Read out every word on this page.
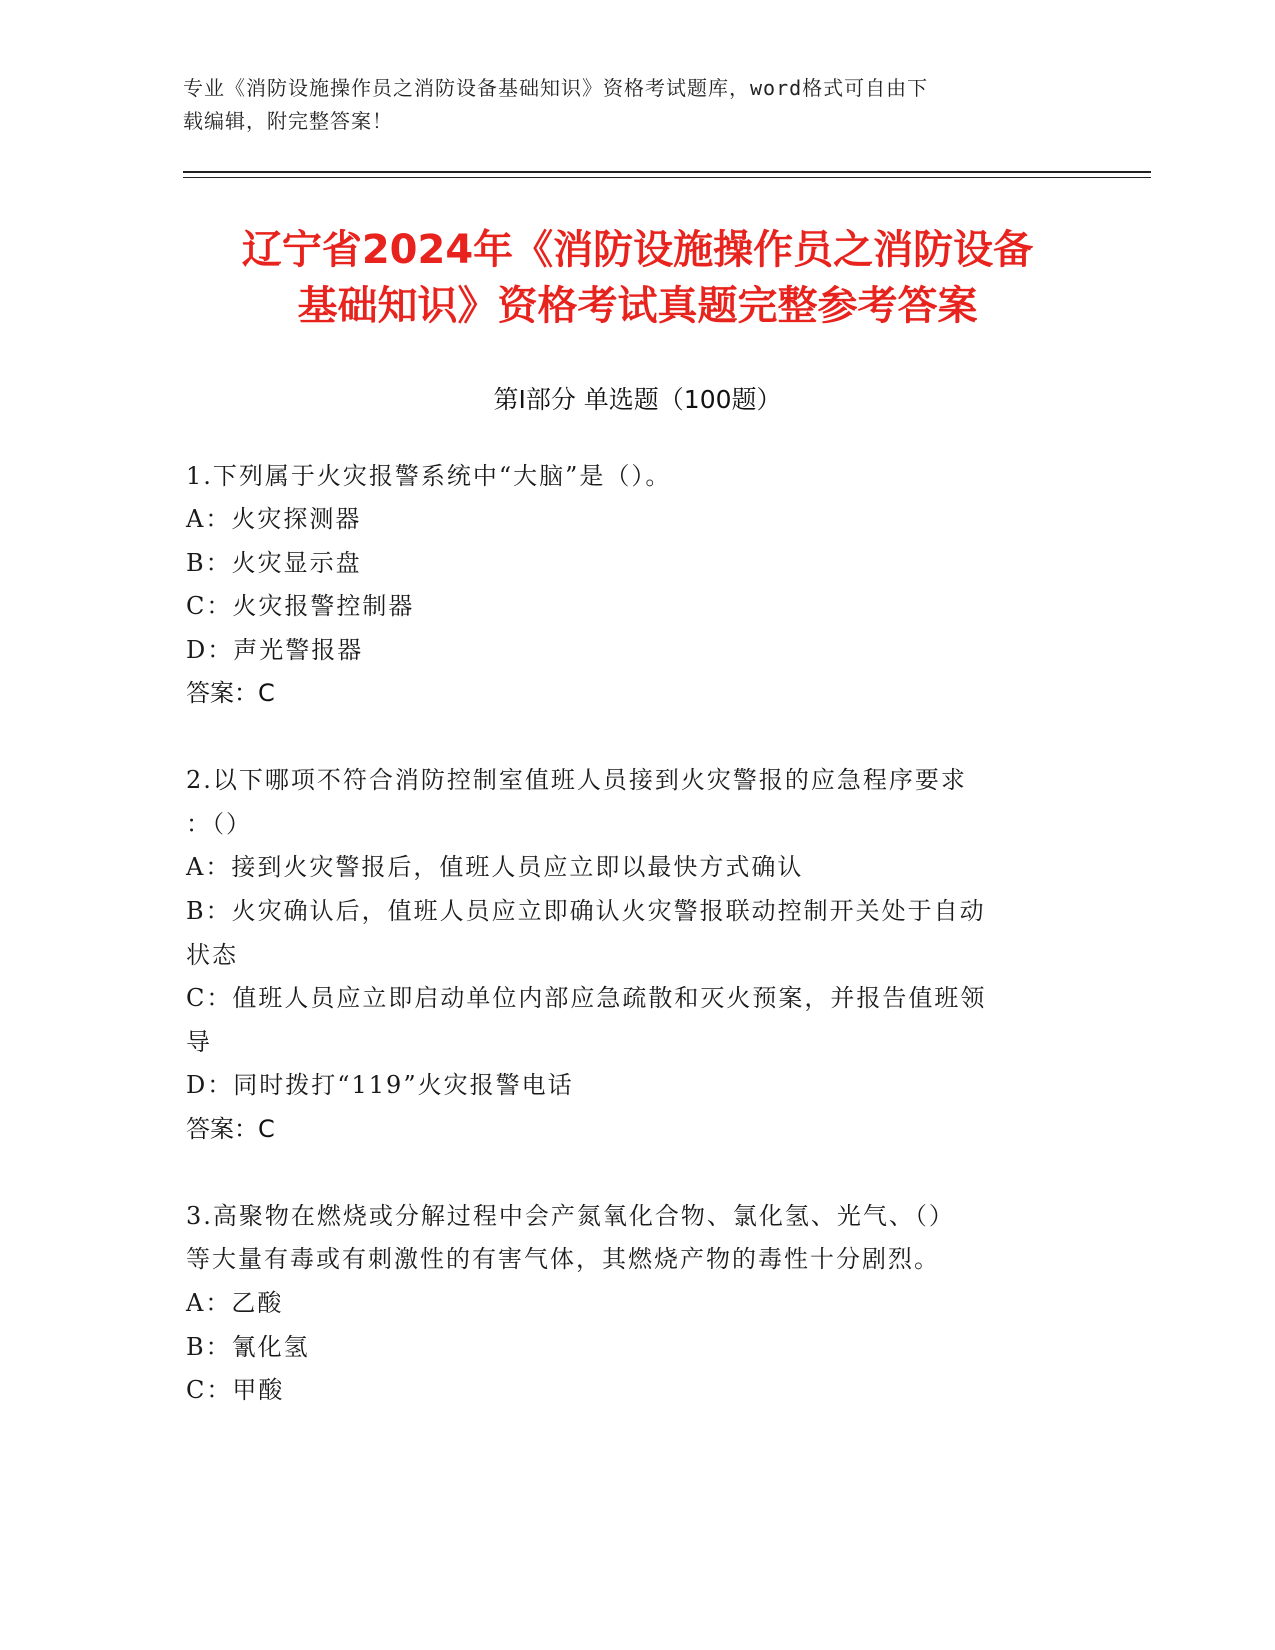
专业《消防设施操作员之消防设备基础知识》资格考试题库，word格式可自由下
载编辑，附完整答案！
辽宁省2024年《消防设施操作员之消防设备
基础知识》资格考试真题完整参考答案
第I部分 单选题（100题）
1.下列属于火灾报警系统中“大脑”是（）。
A：火灾探测器
B：火灾显示盘
C：火灾报警控制器
D：声光警报器
答案：C
2.以下哪项不符合消防控制室值班人员接到火灾警报的应急程序要求
：（）
A：接到火灾警报后，值班人员应立即以最快方式确认
B：火灾确认后，值班人员应立即确认火灾警报联动控制开关处于自动
状态
C：值班人员应立即启动单位内部应急疏散和灭火预案，并报告值班领
导
D：同时拨打“119”火灾报警电话
答案：C
3.高聚物在燃烧或分解过程中会产氮氧化合物、氯化氢、光气、（）
等大量有毒或有刺激性的有害气体，其燃烧产物的毒性十分剧烈。
A：乙酸
B：氰化氢
C：甲酸
